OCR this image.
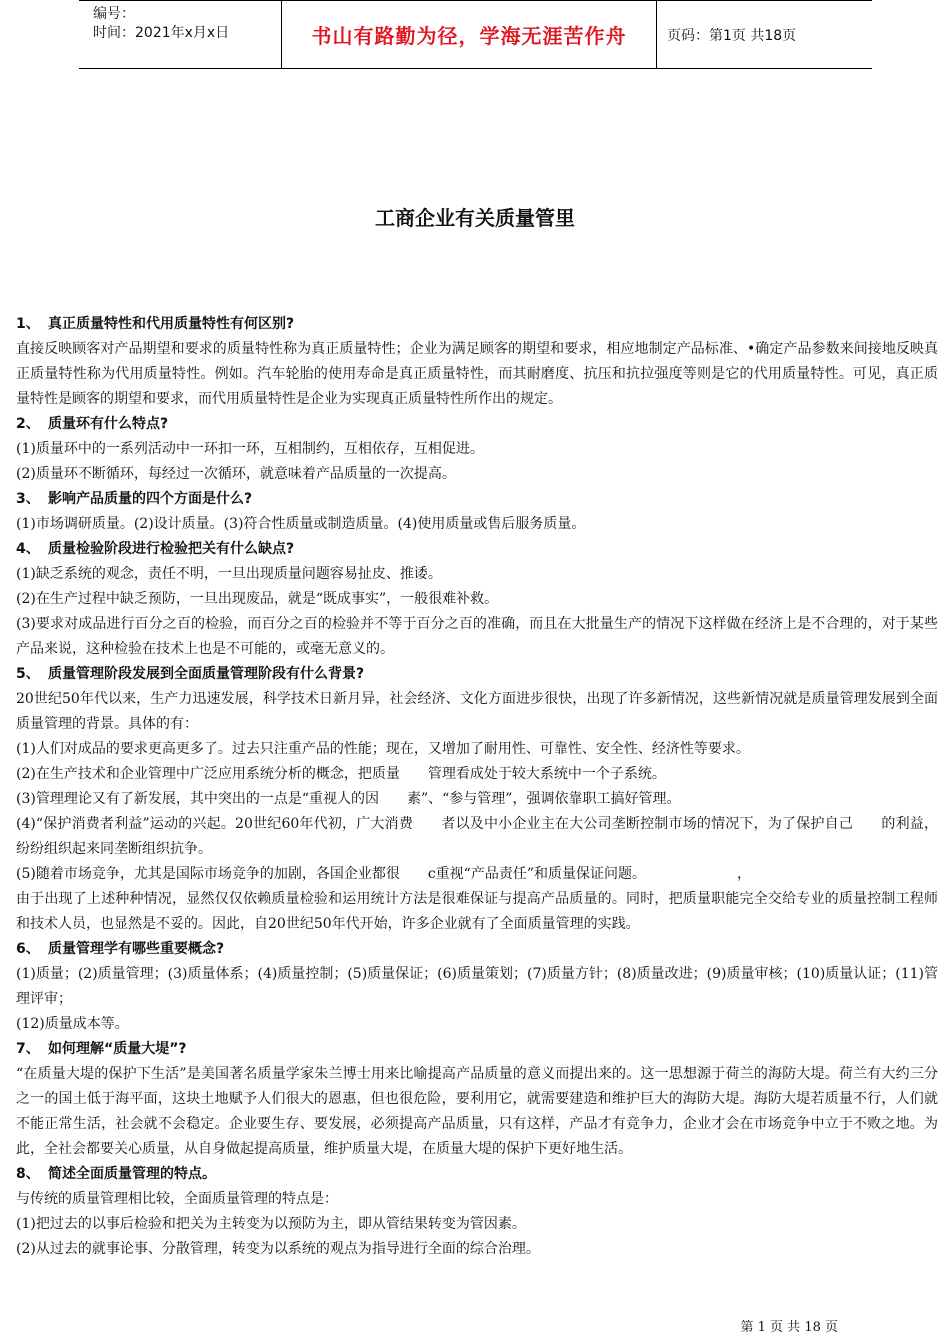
编号：
时间：2021年x月x日	书山有路勤为径，学海无涯苦作舟	页码：第1页 共18页
工商企业有关质量管里

1、 真正质量特性和代用质量特性有何区别?

直接反映顾客对产品期望和要求的质量特性称为真正质量特性；企业为满足顾客的期望和要求，相应地制定产品标准、•确定产品参数来间接地反映真正质量特性称为代用质量特性。例如。汽车轮胎的使用寿命是真正质量特性，而其耐磨度、抗压和抗拉强度等则是它的代用质量特性。可见，真正质量特性是顾客的期望和要求，而代用质量特性是企业为实现真正质量特性所作出的规定。

2、 质量环有什么特点?

(1)质量环中的一系列活动中一环扣一环，互相制约，互相依存，互相促进。

(2)质量环不断循环，每经过一次循环，就意味着产品质量的一次提高。

3、 影响产品质量的四个方面是什么?

(1)市场调研质量。(2)设计质量。(3)符合性质量或制造质量。(4)使用质量或售后服务质量。

4、 质量检验阶段进行检验把关有什么缺点?

(1)缺乏系统的观念，责任不明，一旦出现质量问题容易扯皮、推诿。

(2)在生产过程中缺乏预防，一旦出现废品，就是“既成事实”，一般很难补救。

(3)要求对成品进行百分之百的检验，而百分之百的检验并不等于百分之百的准确，而且在大批量生产的情况下这样做在经济上是不合理的，对于某些产品来说，这种检验在技术上也是不可能的，或毫无意义的。

5、 质量管理阶段发展到全面质量管理阶段有什么背景?

20世纪50年代以来，生产力迅速发展，科学技术日新月异，社会经济、文化方面进步很快，出现了许多新情况，这些新情况就是质量管理发展到全面质量管理的背景。具体的有：

(1)人们对成品的要求更高更多了。过去只注重产品的性能；现在，又增加了耐用性、可靠性、安全性、经济性等要求。

(2)在生产技术和企业管理中广泛应用系统分析的概念，把质量　　管理看成处于较大系统中一个子系统。

(3)管理理论又有了新发展，其中突出的一点是“重视人的因　　素”、“参与管理”，强调依靠职工搞好管理。

(4)“保护消费者利益”运动的兴起。20世纪60年代初，广大消费　　者以及中小企业主在大公司垄断控制市场的情况下，为了保护自己　　的利益，纷纷组织起来同垄断组织抗争。

(5)随着市场竞争，尤其是国际市场竞争的加剧，各国企业都很　　c重视“产品责任”和质量保证问题。　　　　　　　，

由于出现了上述种种情况，显然仅仅依赖质量检验和运用统计方法是很难保证与提高产品质量的。同时，把质量职能完全交给专业的质量控制工程师和技术人员，也显然是不妥的。因此，自20世纪50年代开始，许多企业就有了全面质量管理的实践。

6、 质量管理学有哪些重要概念?

(1)质量；(2)质量管理；(3)质量体系；(4)质量控制；(5)质量保证；(6)质量策划；(7)质量方针；(8)质量改进；(9)质量审核；(10)质量认证；(11)管理评审；

(12)质量成本等。

7、 如何理解“质量大堤”?

“在质量大堤的保护下生活”是美国著名质量学家朱兰博士用来比喻提高产品质量的意义而提出来的。这一思想源于荷兰的海防大堤。荷兰有大约三分之一的国土低于海平面，这块土地赋予人们很大的恩惠，但也很危险，要利用它，就需要建造和维护巨大的海防大堤。海防大堤若质量不行，人们就不能正常生活，社会就不会稳定。企业要生存、要发展，必须提高产品质量，只有这样，产品才有竞争力，企业才会在市场竞争中立于不败之地。为此，全社会都要关心质量，从自身做起提高质量，维护质量大堤，在质量大堤的保护下更好地生活。

8、 简述全面质量管理的特点。

与传统的质量管理相比较，全面质量管理的特点是：

(1)把过去的以事后检验和把关为主转变为以预防为主，即从管结果转变为管因素。

(2)从过去的就事论事、分散管理，转变为以系统的观点为指导进行全面的综合治理。

第 1 页 共 18 页
